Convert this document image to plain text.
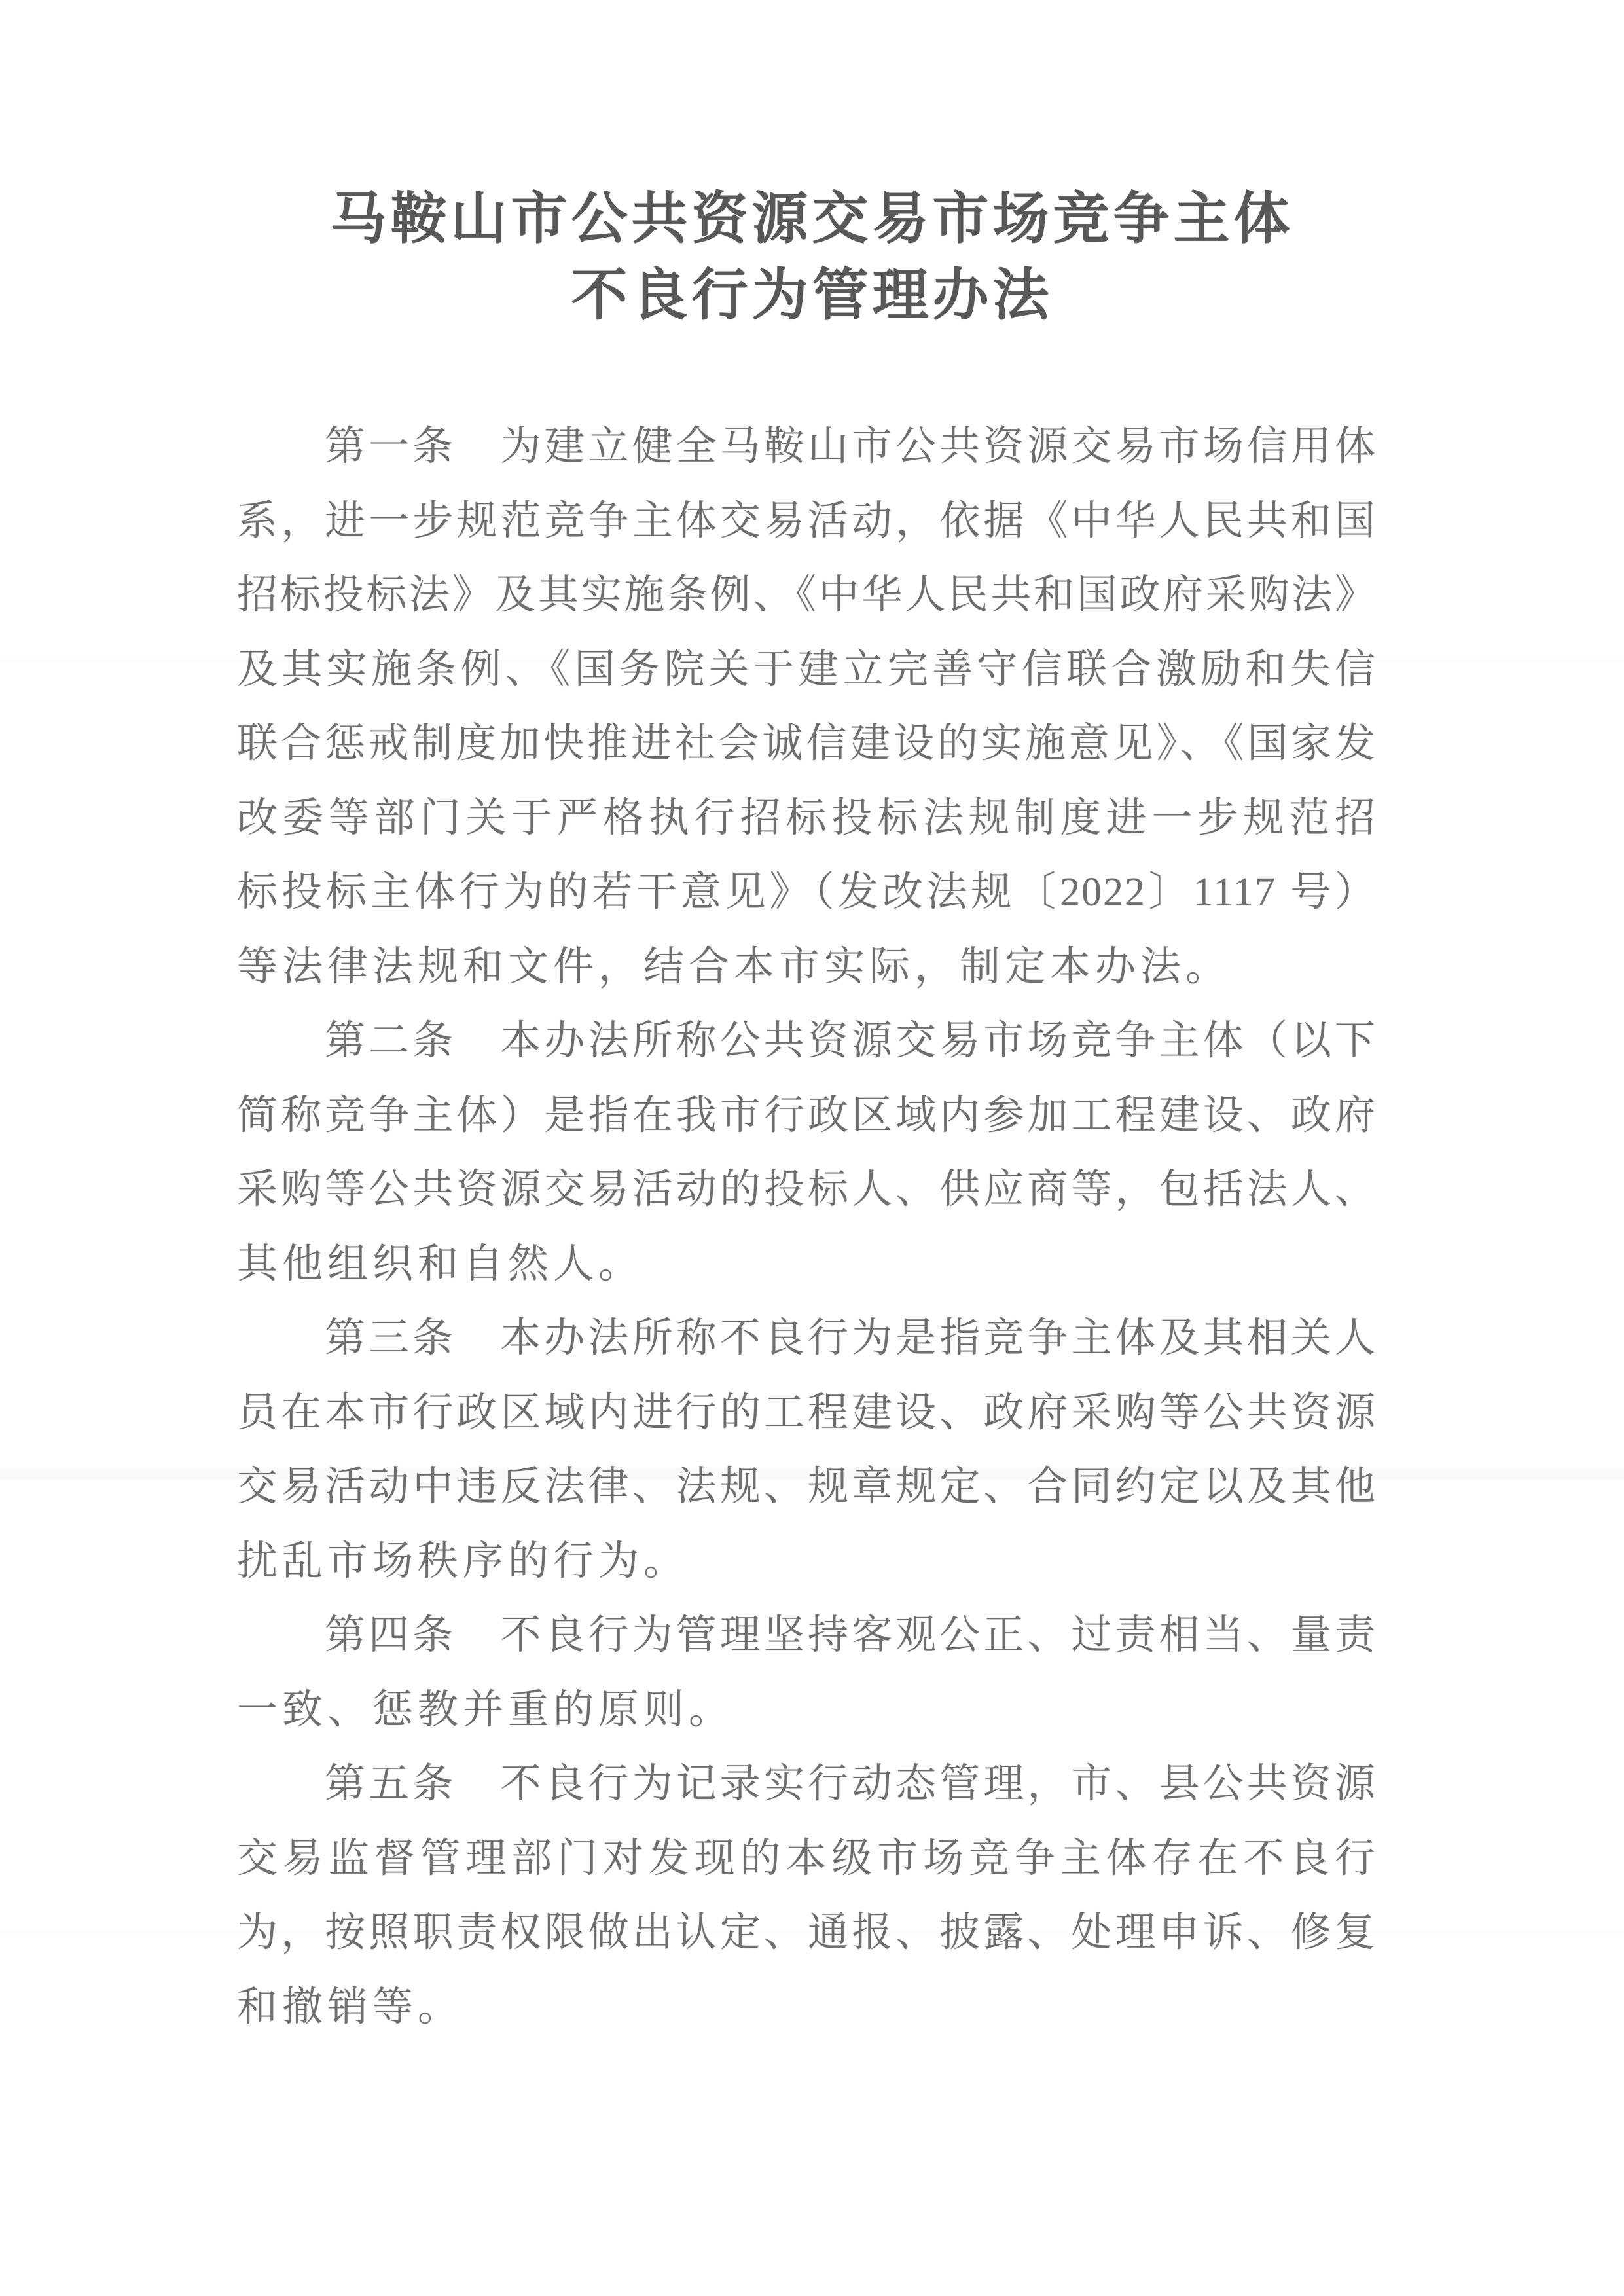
马鞍山市公共资源交易市场竞争主体
不良行为管理办法
第一条　为建立健全马鞍山市公共资源交易市场信用体
系，进一步规范竞争主体交易活动，依据《中华人民共和国
招标投标法》及其实施条例、《中华人民共和国政府采购法》
及其实施条例、《国务院关于建立完善守信联合激励和失信
联合惩戒制度加快推进社会诚信建设的实施意见》、《国家发
改委等部门关于严格执行招标投标法规制度进一步规范招
标投标主体行为的若干意见》（发改法规〔2022〕1117 号）
等法律法规和文件，结合本市实际，制定本办法。
第二条　本办法所称公共资源交易市场竞争主体（以下
简称竞争主体）是指在我市行政区域内参加工程建设、政府
采购等公共资源交易活动的投标人、供应商等，包括法人、
其他组织和自然人。
第三条　本办法所称不良行为是指竞争主体及其相关人
员在本市行政区域内进行的工程建设、政府采购等公共资源
交易活动中违反法律、法规、规章规定、合同约定以及其他
扰乱市场秩序的行为。
第四条　不良行为管理坚持客观公正、过责相当、量责
一致、惩教并重的原则。
第五条　不良行为记录实行动态管理，市、县公共资源
交易监督管理部门对发现的本级市场竞争主体存在不良行
为，按照职责权限做出认定、通报、披露、处理申诉、修复
和撤销等。
